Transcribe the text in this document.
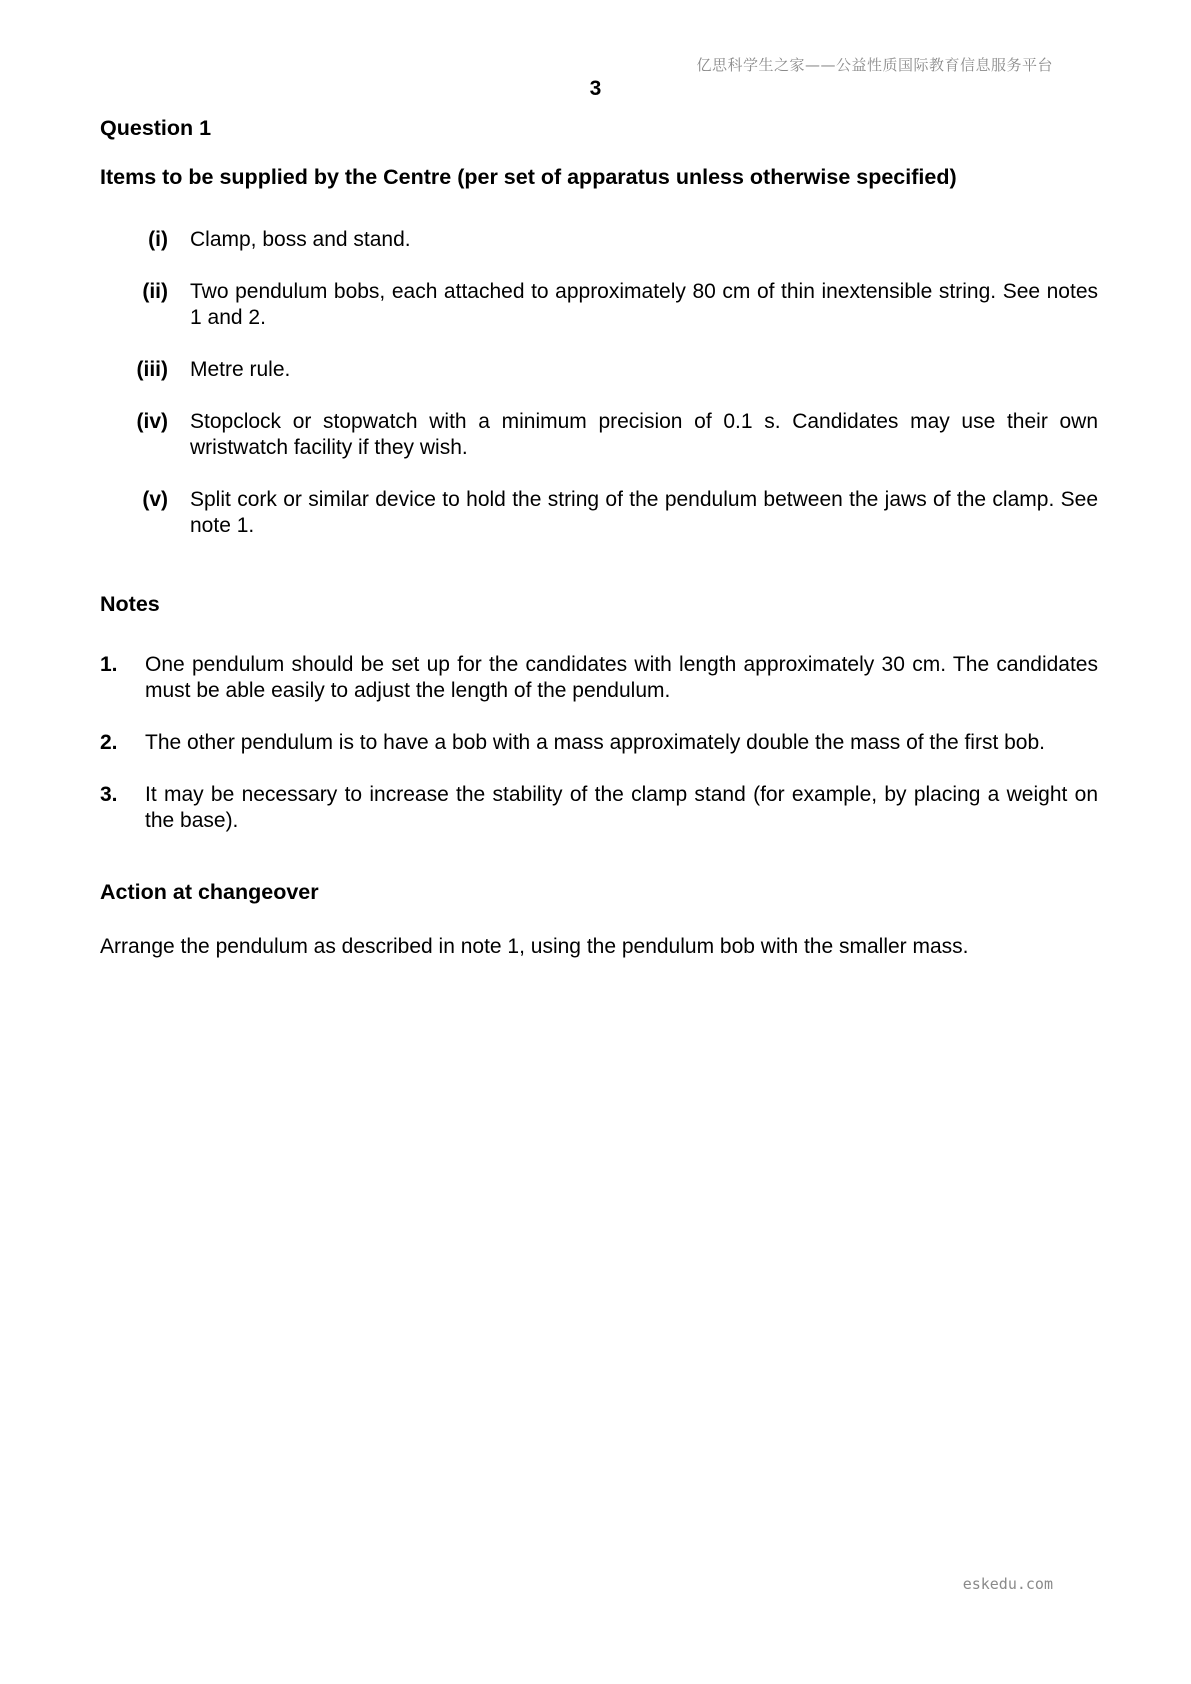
亿思科学生之家——公益性质国际教育信息服务平台
3
Question 1
Items to be supplied by the Centre (per set of apparatus unless otherwise specified)
(i) Clamp, boss and stand.
(ii) Two pendulum bobs, each attached to approximately 80 cm of thin inextensible string. See notes 1 and 2.
(iii) Metre rule.
(iv) Stopclock or stopwatch with a minimum precision of 0.1 s. Candidates may use their own wristwatch facility if they wish.
(v) Split cork or similar device to hold the string of the pendulum between the jaws of the clamp. See note 1.
Notes
1.	One pendulum should be set up for the candidates with length approximately 30 cm. The candidates must be able easily to adjust the length of the pendulum.
2.	The other pendulum is to have a bob with a mass approximately double the mass of the first bob.
3.	It may be necessary to increase the stability of the clamp stand (for example, by placing a weight on the base).
Action at changeover
Arrange the pendulum as described in note 1, using the pendulum bob with the smaller mass.
eskedu.com
